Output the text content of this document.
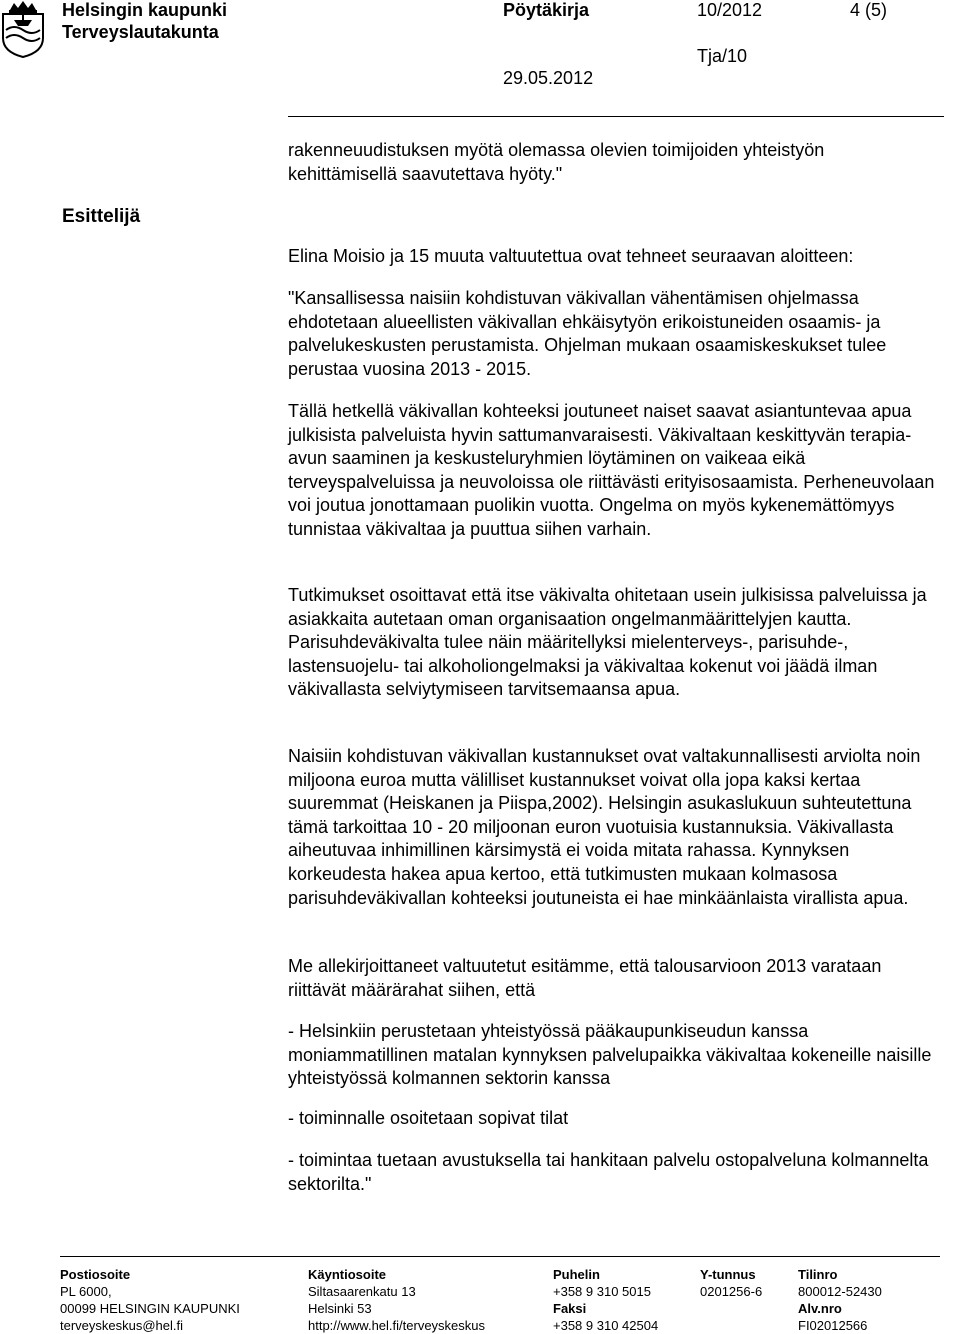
Helsingin kaupunki
Terveyslautakunta
Pöytäkirja	10/2012	4 (5)
Tja/10
29.05.2012
Esittelijä

rakenneuudistuksen myötä olemassa olevien toimijoiden yhteistyön

kehittämisellä saavutettava hyöty."

Elina Moisio ja 15 muuta valtuutettua ovat tehneet seuraavan aloitteen:

"Kansallisessa naisiin kohdistuvan väkivallan vähentämisen ohjelmassa ehdotetaan alueellisten väkivallan ehkäisytyön erikoistuneiden osaamis- ja palvelukeskusten perustamista. Ohjelman mukaan osaamiskeskukset tulee perustaa vuosina 2013 - 2015.

Tällä hetkellä väkivallan kohteeksi joutuneet naiset saavat asiantuntevaa apua julkisista palveluista hyvin sattumanvaraisesti. Väkivaltaan keskittyvän terapia-avun saaminen ja keskusteluryhmien löytäminen on vaikeaa eikä terveyspalveluissa ja neuvoloissa ole riittävästi erityisosaamista. Perheneuvolaan voi joutua jonottamaan puolikin vuotta. Ongelma on myös kykenemättömyys tunnistaa väkivaltaa ja puuttua siihen varhain.

Tutkimukset osoittavat että itse väkivalta ohitetaan usein julkisissa palveluissa ja asiakkaita autetaan oman organisaation ongelmanmäärittelyjen kautta. Parisuhdeväkivalta tulee näin määritellyksi mielenterveys-, parisuhde-, lastensuojelu- tai alkoholiongelmaksi ja väkivaltaa kokenut voi jäädä ilman väkivallasta selviytymiseen tarvitsemaansa apua.

Naisiin kohdistuvan väkivallan kustannukset ovat valtakunnallisesti arviolta noin miljoona euroa mutta välilliset kustannukset voivat olla jopa kaksi kertaa suuremmat (Heiskanen ja Piispa,2002). Helsingin asukaslukuun suhteutettuna tämä tarkoittaa 10 - 20 miljoonan euron vuotuisia kustannuksia. Väkivallasta aiheutuvaa inhimillinen kärsimystä ei voida mitata rahassa. Kynnyksen korkeudesta hakea apua kertoo, että tutkimusten mukaan kolmasosa parisuhdeväkivallan kohteeksi joutuneista ei hae minkäänlaista virallista apua.

Me allekirjoittaneet valtuutetut esitämme, että talousarvioon 2013 varataan riittävät määrärahat siihen, että

- Helsinkiin perustetaan yhteistyössä pääkaupunkiseudun kanssa moniammatillinen matalan kynnyksen palvelupaikka väkivaltaa kokeneille naisille yhteistyössä kolmannen sektorin kanssa

- toiminnalle osoitetaan sopivat tilat

- toimintaa tuetaan avustuksella tai hankitaan palvelu ostopalveluna kolmannelta sektorilta."

Postiosoite
PL 6000,
00099 HELSINGIN KAUPUNKI
terveyskeskus@hel.fi
Käyntiosoite
Siltasaarenkatu 13
Helsinki 53
http://www.hel.fi/terveyskeskus
Puhelin
+358 9 310 5015
Faksi
+358 9 310 42504
Y-tunnus
0201256-6
Tilinro
800012-52430
Alv.nro
FI02012566
